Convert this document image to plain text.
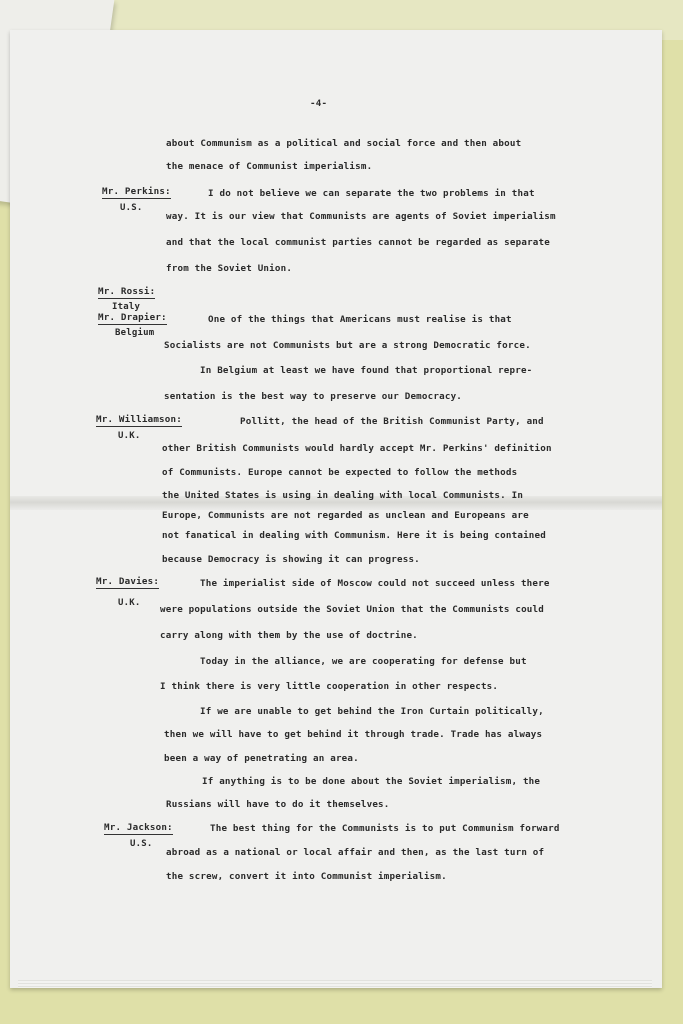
-4-
about Communism as a political and social force and then about
the menace of Communist imperialism.
I do not believe we can separate the two problems in that
way. It is our view that Communists are agents of Soviet imperialism
and that the local communist parties cannot be regarded as separate
from the Soviet Union.
One of the things that Americans must realise is that
Socialists are not Communists but are a strong Democratic force.
In Belgium at least we have found that proportional repre-
sentation is the best way to preserve our Democracy.
Pollitt, the head of the British Communist Party, and
other British Communists would hardly accept Mr. Perkins' definition
of Communists. Europe cannot be expected to follow the methods
the United States is using in dealing with local Communists. In
Europe, Communists are not regarded as unclean and Europeans are
not fanatical in dealing with Communism. Here it is being contained
because Democracy is showing it can progress.
The imperialist side of Moscow could not succeed unless there
were populations outside the Soviet Union that the Communists could
carry along with them by the use of doctrine.
Today in the alliance, we are cooperating for defense but
I think there is very little cooperation in other respects.
If we are unable to get behind the Iron Curtain politically,
then we will have to get behind it through trade. Trade has always
been a way of penetrating an area.
If anything is to be done about the Soviet imperialism, the
Russians will have to do it themselves.
The best thing for the Communists is to put Communism forward
abroad as a national or local affair and then, as the last turn of
the screw, convert it into Communist imperialism.
Mr. Perkins:
U.S.
Mr. Rossi:
Italy
Mr. Drapier:
Belgium
Mr. Williamson:
U.K.
Mr. Davies:
U.K.
Mr. Jackson:
U.S.
